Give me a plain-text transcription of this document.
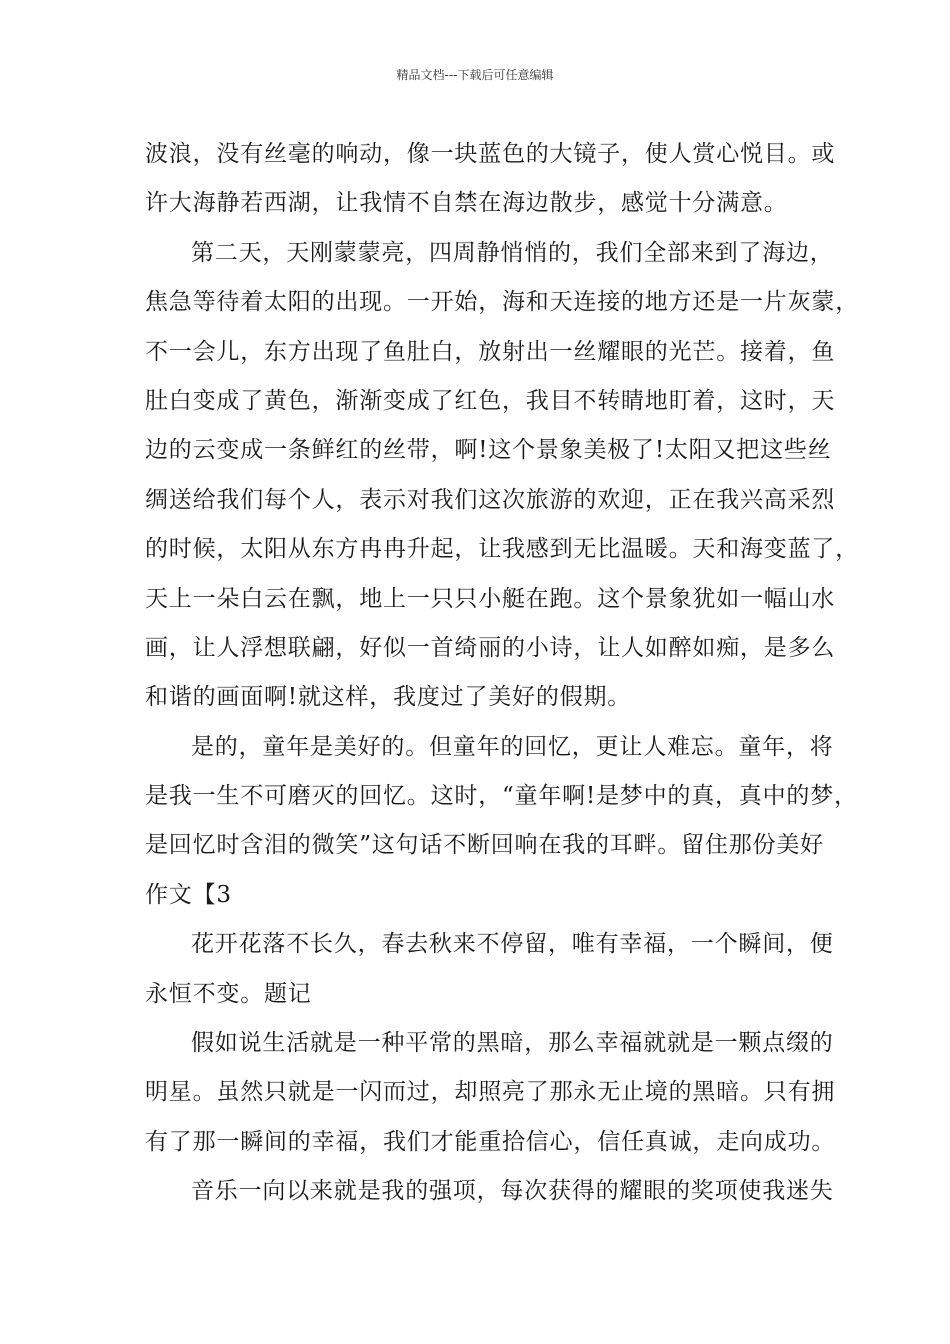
精品文档---下载后可任意编辑
波浪，没有丝毫的响动，像一块蓝色的大镜子，使人赏心悦目。或
许大海静若西湖，让我情不自禁在海边散步，感觉十分满意。
第二天，天刚蒙蒙亮，四周静悄悄的，我们全部来到了海边，
焦急等待着太阳的出现。一开始，海和天连接的地方还是一片灰蒙，
不一会儿，东方出现了鱼肚白，放射出一丝耀眼的光芒。接着，鱼
肚白变成了黄色，渐渐变成了红色，我目不转睛地盯着，这时，天
边的云变成一条鲜红的丝带，啊!这个景象美极了!太阳又把这些丝
绸送给我们每个人，表示对我们这次旅游的欢迎，正在我兴高采烈
的时候，太阳从东方冉冉升起，让我感到无比温暖。天和海变蓝了，
天上一朵白云在飘，地上一只只小艇在跑。这个景象犹如一幅山水
画，让人浮想联翩，好似一首绮丽的小诗，让人如醉如痴，是多么
和谐的画面啊!就这样，我度过了美好的假期。
是的，童年是美好的。但童年的回忆，更让人难忘。童年，将
是我一生不可磨灭的回忆。这时，“童年啊!是梦中的真，真中的梦，
是回忆时含泪的微笑”这句话不断回响在我的耳畔。留住那份美好
作文【3
花开花落不长久，春去秋来不停留，唯有幸福，一个瞬间，便
永恒不变。题记
假如说生活就是一种平常的黑暗，那么幸福就就是一颗点缀的
明星。虽然只就是一闪而过，却照亮了那永无止境的黑暗。只有拥
有了那一瞬间的幸福，我们才能重拾信心，信任真诚，走向成功。
音乐一向以来就是我的强项，每次获得的耀眼的奖项使我迷失
